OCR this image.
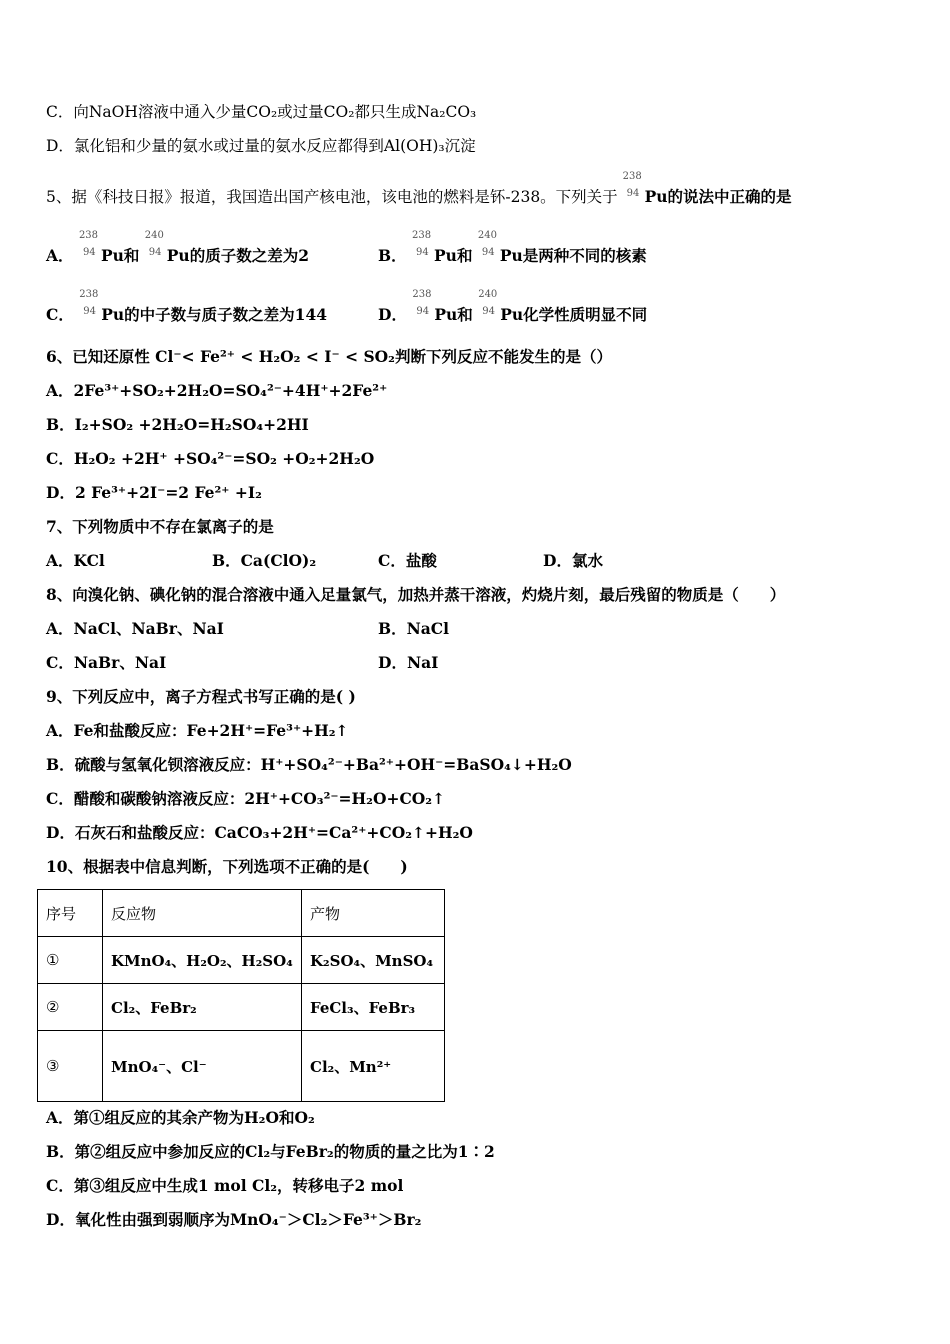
C．向NaOH溶液中通入少量CO₂或过量CO₂都只生成Na₂CO₃
D．氯化铝和少量的氨水或过量的氨水反应都得到Al(OH)₃沉淀
5、据《科技日报》报道，我国造出国产核电池，该电池的燃料是钚-238。下列关于
238
94 Pu的说法中正确的是
A．
238
94 Pu和
240
94 Pu的质子数之差为2	B．
238
94 Pu和
240
94 Pu是两种不同的核素
C．
238
94 Pu的中子数与质子数之差为144	D．
238
94 Pu和
240
94 Pu化学性质明显不同
6、已知还原性 Cl⁻< Fe²⁺ < H₂O₂ < I⁻ < SO₂判断下列反应不能发生的是（）
A．2Fe³⁺+SO₂+2H₂O=SO₄²⁻+4H⁺+2Fe²⁺
B．I₂+SO₂ +2H₂O=H₂SO₄+2HI
C．H₂O₂ +2H⁺ +SO₄²⁻=SO₂ +O₂+2H₂O
D．2 Fe³⁺+2I⁻=2 Fe²⁺ +I₂
7、下列物质中不存在氯离子的是
A．KCl	B．Ca(ClO)₂	C．盐酸	D．氯水
8、向溴化钠、碘化钠的混合溶液中通入足量氯气，加热并蒸干溶液，灼烧片刻，最后残留的物质是（　　）
A．NaCl、NaBr、NaI	B．NaCl
C．NaBr、NaI	D．NaI
9、下列反应中，离子方程式书写正确的是( )
A．Fe和盐酸反应：Fe+2H⁺=Fe³⁺+H₂↑
B．硫酸与氢氧化钡溶液反应：H⁺+SO₄²⁻+Ba²⁺+OH⁻=BaSO₄↓+H₂O
C．醋酸和碳酸钠溶液反应：2H⁺+CO₃²⁻=H₂O+CO₂↑
D．石灰石和盐酸反应：CaCO₃+2H⁺=Ca²⁺+CO₂↑+H₂O
10、根据表中信息判断，下列选项不正确的是(　　)
序号	反应物	产物
①	KMnO₄、H₂O₂、H₂SO₄	K₂SO₄、MnSO₄
②	Cl₂、FeBr₂	FeCl₃、FeBr₃
③	MnO₄⁻、Cl⁻	Cl₂、Mn²⁺
A．第①组反应的其余产物为H₂O和O₂
B．第②组反应中参加反应的Cl₂与FeBr₂的物质的量之比为1∶2
C．第③组反应中生成1 mol Cl₂，转移电子2 mol
D．氧化性由强到弱顺序为MnO₄⁻＞Cl₂＞Fe³⁺＞Br₂
